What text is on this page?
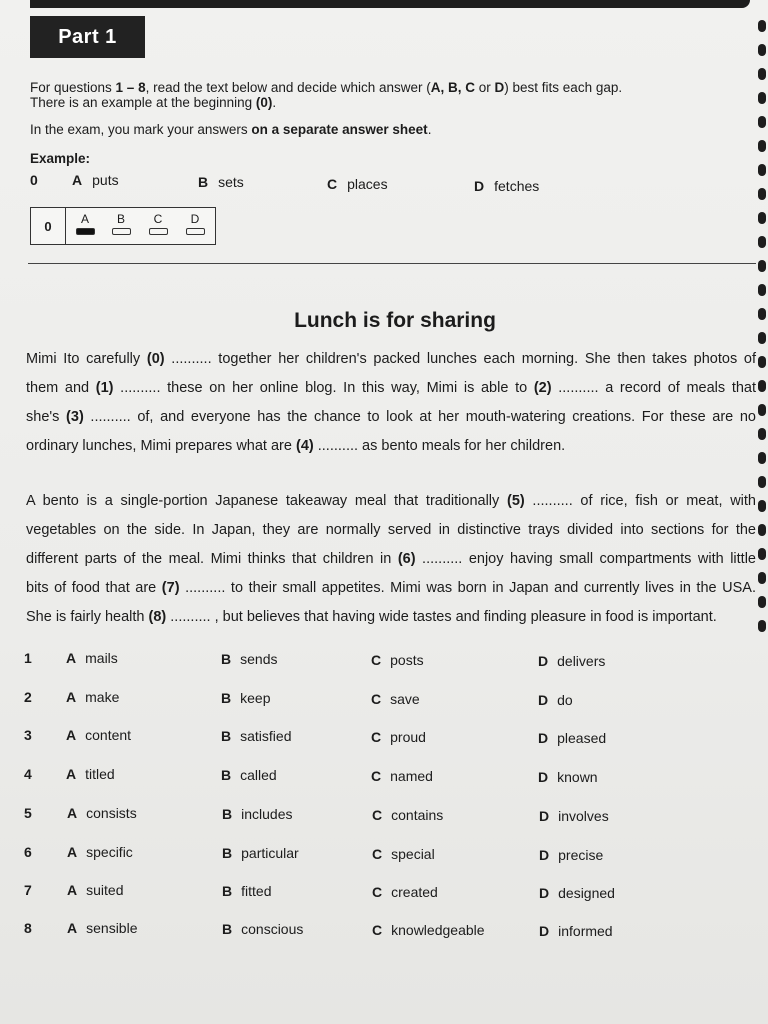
Part 1
For questions 1 – 8, read the text below and decide which answer (A, B, C or D) best fits each gap.
There is an example at the beginning (0).
In the exam, you mark your answers on a separate answer sheet.
Example:
0 A puts	B sets	C places	D fetches
0	A	B	C	D
Lunch is for sharing
Mimi Ito carefully (0) .......... together her children's packed lunches each morning. She then takes photos of
them and (1) .......... these on her online blog. In this way, Mimi is able to (2) .......... a record of meals that
she's (3) .......... of, and everyone has the chance to look at her mouth-watering creations. For these are no
ordinary lunches, Mimi prepares what are (4) .......... as bento meals for her children.
A bento is a single-portion Japanese takeaway meal that traditionally (5) .......... of rice, fish or meat, with
vegetables on the side. In Japan, they are normally served in distinctive trays divided into sections for the
different parts of the meal. Mimi thinks that children in (6) .......... enjoy having small compartments with little
bits of food that are (7) .......... to their small appetites. Mimi was born in Japan and currently lives in the USA.
She is fairly health (8) .......... , but believes that having wide tastes and finding pleasure in food is important.
1 A mails	B sends	C posts	D delivers
2 A make	B keep	C save	D do
3 A content	B satisfied	C proud	D pleased
4 A titled	B called	C named	D known
5	A consists	B includes	C contains	D involves
6	A specific	B particular	C special	D precise
7	A suited	B fitted	C created	D designed
8	A sensible	B conscious	C knowledgeable	D informed
